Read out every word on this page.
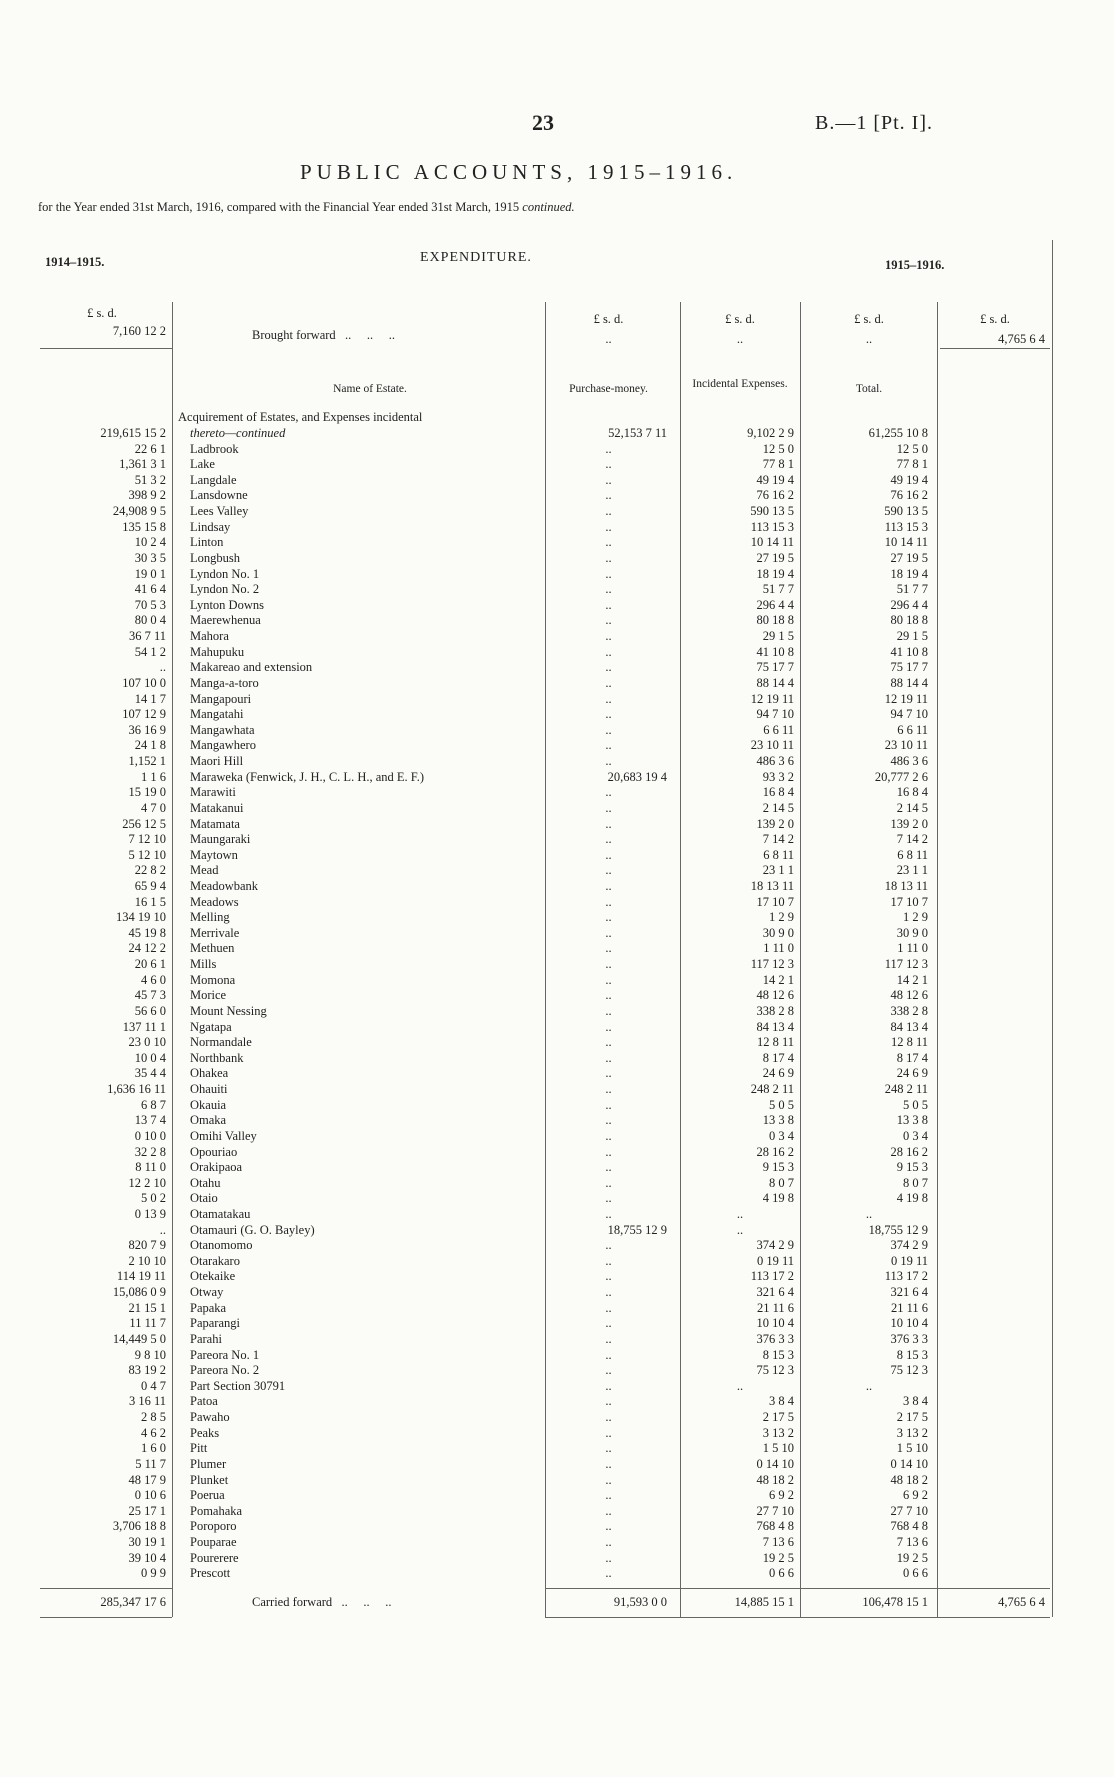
23	B.—1 [Pt. I].
PUBLIC ACCOUNTS, 1915–1916.
for the Year ended 31st March, 1916, compared with the Financial Year ended 31st March, 1915 continued.
1914–1915.	EXPENDITURE.	1915–1916.
£ s. d.	£ s. d.	£ s. d.	£ s. d.	£ s. d.
7,160 12 2	Brought forward   ..     ..     ..	..	..	..	4,765 6 4
Name of Estate.	Purchase-money.	Incidental Expenses.	Total.
Acquirement of Estates, and Expenses incidental
219,615 15 2 thereto—continued	52,153 7 11	9,102 2 9	61,255 10 8
22 6 1 Ladbrook	..	12 5 0	12 5 0
1,361 3 1 Lake	..	77 8 1	77 8 1
51 3 2 Langdale	..	49 19 4	49 19 4
398 9 2 Lansdowne	..	76 16 2	76 16 2
24,908 9 5 Lees Valley	..	590 13 5	590 13 5
135 15 8 Lindsay	..	113 15 3	113 15 3
10 2 4 Linton	..	10 14 11	10 14 11
30 3 5 Longbush	..	27 19 5	27 19 5
19 0 1 Lyndon No. 1	..	18 19 4	18 19 4
41 6 4 Lyndon No. 2	..	51 7 7	51 7 7
70 5 3 Lynton Downs	..	296 4 4	296 4 4
80 0 4 Maerewhenua	..	80 18 8	80 18 8
36 7 11 Mahora	..	29 1 5	29 1 5
54 1 2 Mahupuku	..	41 10 8	41 10 8
.. Makareao and extension	..	75 17 7	75 17 7
107 10 0 Manga-a-toro	..	88 14 4	88 14 4
14 1 7 Mangapouri	..	12 19 11	12 19 11
107 12 9 Mangatahi	..	94 7 10	94 7 10
36 16 9 Mangawhata	..	6 6 11	6 6 11
24 1 8 Mangawhero	..	23 10 11	23 10 11
1,152 1 Maori Hill	..	486 3 6	486 3 6
1 1 6 Maraweka (Fenwick, J. H., C. L. H., and E. F.)	20,683 19 4	93 3 2	20,777 2 6
15 19 0 Marawiti	..	16 8 4	16 8 4
4 7 0 Matakanui	..	2 14 5	2 14 5
256 12 5 Matamata	..	139 2 0	139 2 0
7 12 10 Maungaraki	..	7 14 2	7 14 2
5 12 10 Maytown	..	6 8 11	6 8 11
22 8 2 Mead	..	23 1 1	23 1 1
65 9 4 Meadowbank	..	18 13 11	18 13 11
16 1 5 Meadows	..	17 10 7	17 10 7
134 19 10 Melling	..	1 2 9	1 2 9
45 19 8 Merrivale	..	30 9 0	30 9 0
24 12 2 Methuen	..	1 11 0	1 11 0
20 6 1 Mills	..	117 12 3	117 12 3
4 6 0 Momona	..	14 2 1	14 2 1
45 7 3 Morice	..	48 12 6	48 12 6
56 6 0 Mount Nessing	..	338 2 8	338 2 8
137 11 1 Ngatapa	..	84 13 4	84 13 4
23 0 10 Normandale	..	12 8 11	12 8 11
10 0 4 Northbank	..	8 17 4	8 17 4
35 4 4 Ohakea	..	24 6 9	24 6 9
1,636 16 11 Ohauiti	..	248 2 11	248 2 11
6 8 7 Okauia	..	5 0 5	5 0 5
13 7 4 Omaka	..	13 3 8	13 3 8
0 10 0 Omihi Valley	..	0 3 4	0 3 4
32 2 8 Opouriao	..	28 16 2	28 16 2
8 11 0 Orakipaoa	..	9 15 3	9 15 3
12 2 10 Otahu	..	8 0 7	8 0 7
5 0 2 Otaio	..	4 19 8	4 19 8
0 13 9 Otamatakau	..	..	..
.. Otamauri (G. O. Bayley)	18,755 12 9	..	18,755 12 9
820 7 9 Otanomomo	..	374 2 9	374 2 9
2 10 10 Otarakaro	..	0 19 11	0 19 11
114 19 11 Otekaike	..	113 17 2	113 17 2
15,086 0 9 Otway	..	321 6 4	321 6 4
21 15 1 Papaka	..	21 11 6	21 11 6
11 11 7 Paparangi	..	10 10 4	10 10 4
14,449 5 0 Parahi	..	376 3 3	376 3 3
9 8 10 Pareora No. 1	..	8 15 3	8 15 3
83 19 2 Pareora No. 2	..	75 12 3	75 12 3
0 4 7 Part Section 30791	..	..	..
3 16 11 Patoa	..	3 8 4	3 8 4
2 8 5 Pawaho	..	2 17 5	2 17 5
4 6 2 Peaks	..	3 13 2	3 13 2
1 6 0 Pitt	..	1 5 10	1 5 10
5 11 7 Plumer	..	0 14 10	0 14 10
48 17 9 Plunket	..	48 18 2	48 18 2
0 10 6 Poerua	..	6 9 2	6 9 2
25 17 1 Pomahaka	..	27 7 10	27 7 10
3,706 18 8 Poroporo	..	768 4 8	768 4 8
30 19 1 Pouparae	..	7 13 6	7 13 6
39 10 4 Pourerere	..	19 2 5	19 2 5
0 9 9 Prescott	..	0 6 6	0 6 6
285,347 17 6	Carried forward   ..     ..     ..	91,593 0 0	14,885 15 1	106,478 15 1	4,765 6 4
